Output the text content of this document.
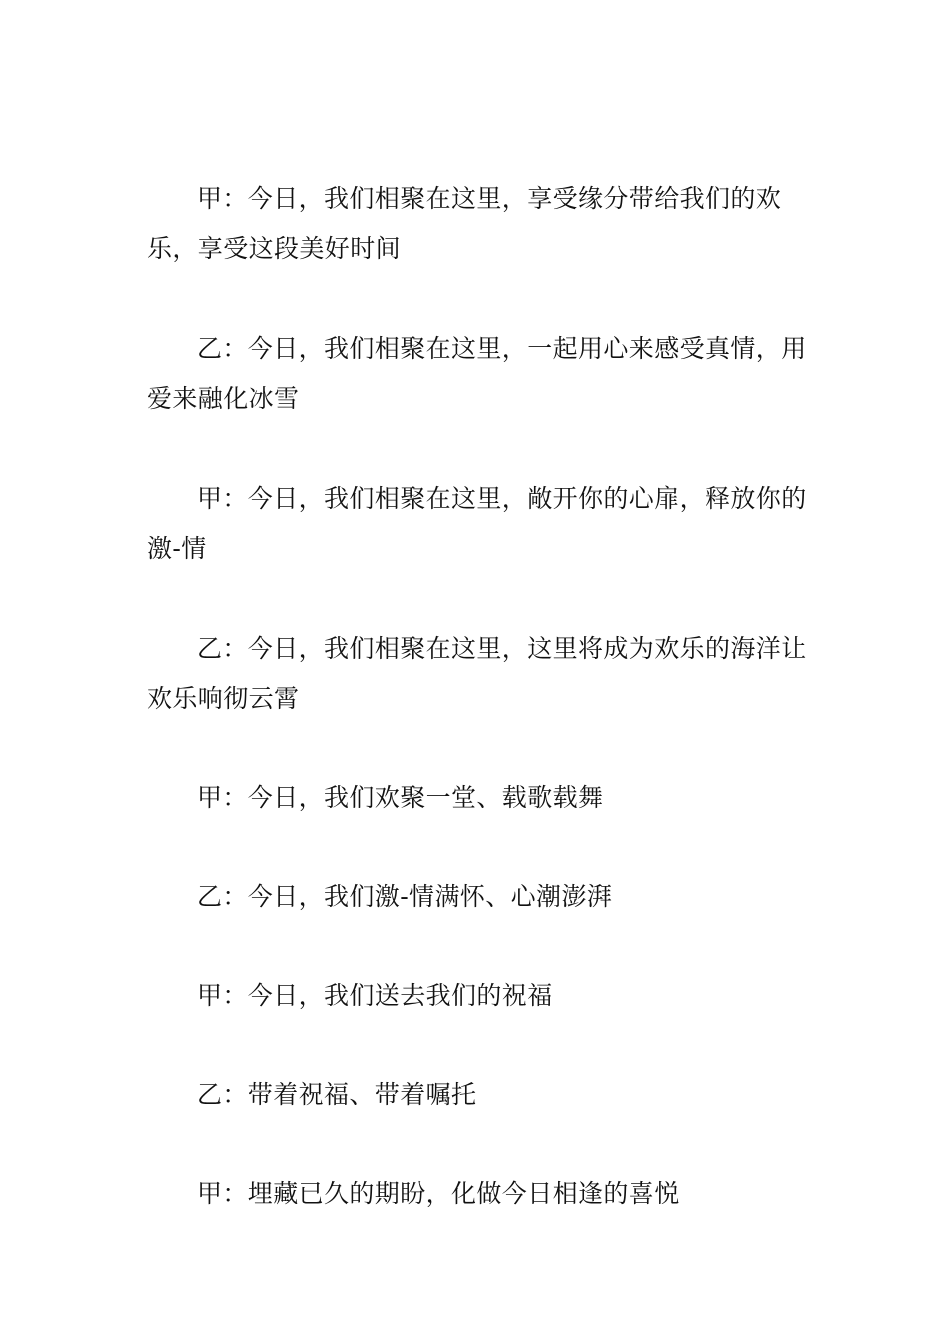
甲：今日，我们相聚在这里，享受缘分带给我们的欢乐，享受这段美好时间

乙：今日，我们相聚在这里，一起用心来感受真情，用爱来融化冰雪

甲：今日，我们相聚在这里，敞开你的心扉，释放你的激-情

乙：今日，我们相聚在这里，这里将成为欢乐的海洋让欢乐响彻云霄

甲：今日，我们欢聚一堂、载歌载舞

乙：今日，我们激-情满怀、心潮澎湃

甲：今日，我们送去我们的祝福

乙：带着祝福、带着嘱托

甲：埋藏已久的期盼，化做今日相逢的喜悦
